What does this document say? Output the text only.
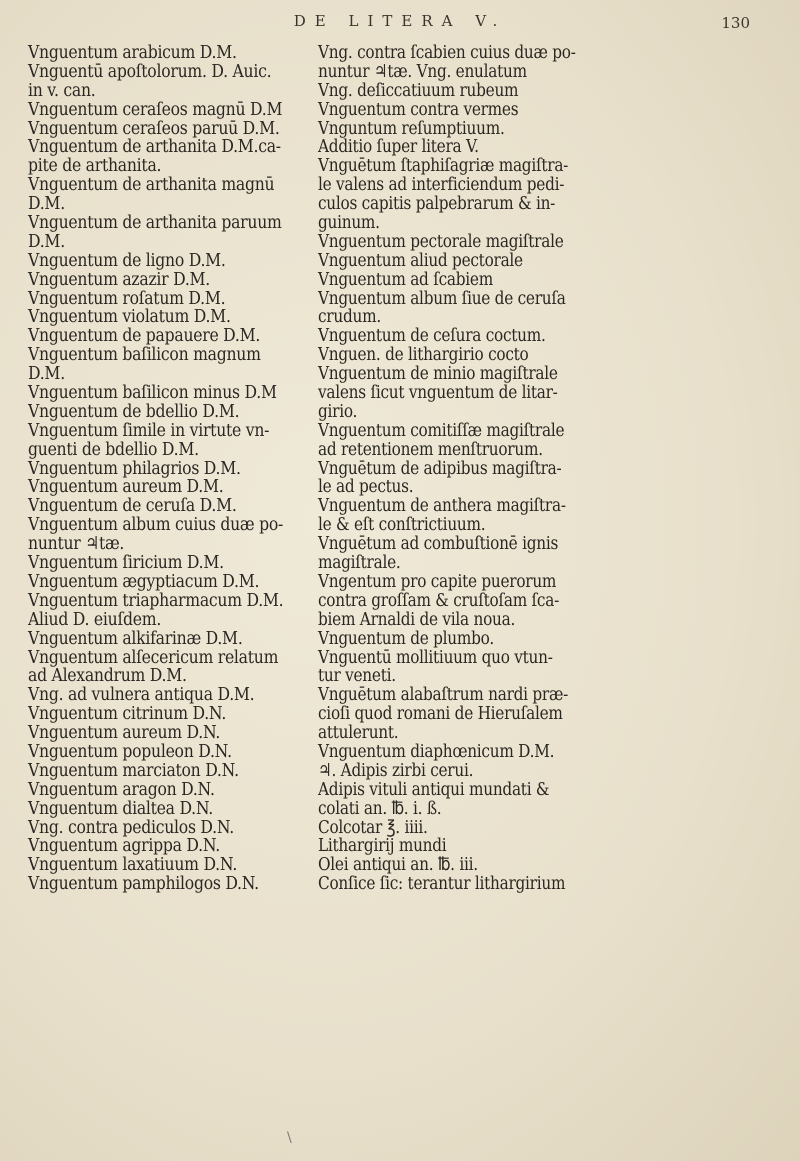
DE LITERA V.	130
Vnguentum arabicum D.M.
Vnguentū apoſtolorum. D. Auic.
in v. can.
Vnguentum ceraſeos magnū D.M
Vnguentum ceraſeos paruū D.M.
Vnguentum de arthanita D.M.ca-
pite de arthanita.
Vnguentum de arthanita magnū
D.M.
Vnguentum de arthanita paruum
D.M.
Vnguentum de ligno D.M.
Vnguentum azazir D.M.
Vnguentum roſatum D.M.
Vnguentum violatum D.M.
Vnguentum de papauere D.M.
Vnguentum baſilicon magnum
D.M.
Vnguentum baſilicon minus D.M
Vnguentum de bdellio D.M.
Vnguentum ſimile in virtute vn-
guenti de bdellio D.M.
Vnguentum philagrios D.M.
Vnguentum aureum D.M.
Vnguentum de ceruſa D.M.
Vnguentum album cuius duæ po-
nuntur ♃tæ.
Vnguentum ſiricium D.M.
Vnguentum ægyptiacum D.M.
Vnguentum triapharmacum D.M.
Aliud D. eiuſdem.
Vnguentum alkifarinæ D.M.
Vnguentum alſecericum relatum
ad Alexandrum D.M.
Vng. ad vulnera antiqua D.M.
Vnguentum citrinum D.N.
Vnguentum aureum D.N.
Vnguentum populeon D.N.
Vnguentum marciaton D.N.
Vnguentum aragon D.N.
Vnguentum dialtea D.N.
Vng. contra pediculos D.N.
Vnguentum agrippa D.N.
Vnguentum laxatiuum D.N.
Vnguentum pamphilogos D.N.
Vng. contra ſcabien cuius duæ po-
nuntur ♃tæ. Vng. enulatum
Vng. deſiccatiuum rubeum
Vnguentum contra vermes
Vnguntum reſumptiuum.
Additio ſuper litera V.
Vnguētum ſtaphiſagriæ magiſtra-
le valens ad interficiendum pedi-
culos capitis palpebrarum & in-
guinum.
Vnguentum pectorale magiſtrale
Vnguentum aliud pectorale
Vnguentum ad ſcabiem
Vnguentum album ſiue de ceruſa
crudum.
Vnguentum de ceſura coctum.
Vnguen. de lithargirio cocto
Vnguentum de minio magiſtrale
valens ſicut vnguentum de litar-
girio.
Vnguentum comitiſſæ magiſtrale
ad retentionem menſtruorum.
Vnguētum de adipibus magiſtra-
le ad pectus.
Vnguentum de anthera magiſtra-
le & eſt conſtrictiuum.
Vnguētum ad combuſtionē ignis
magiſtrale.
Vngentum pro capite puerorum
contra groſſam & cruſtoſam ſca-
biem Arnaldi de vila noua.
Vnguentum de plumbo.
Vnguentū mollitiuum quo vtun-
tur veneti.
Vnguētum alabaſtrum nardi præ-
cioſi quod romani de Hieruſalem
attulerunt.
Vnguentum diaphœnicum D.M.
♃. Adipis zirbi cerui.
Adipis vituli antiqui mundati &
colati an. ℔. i. ß.
Colcotar ℥. iiii.
Lithargirij mundi
Olei antiqui an. ℔. iii.
Conſice ſic: terantur lithargirium
\
